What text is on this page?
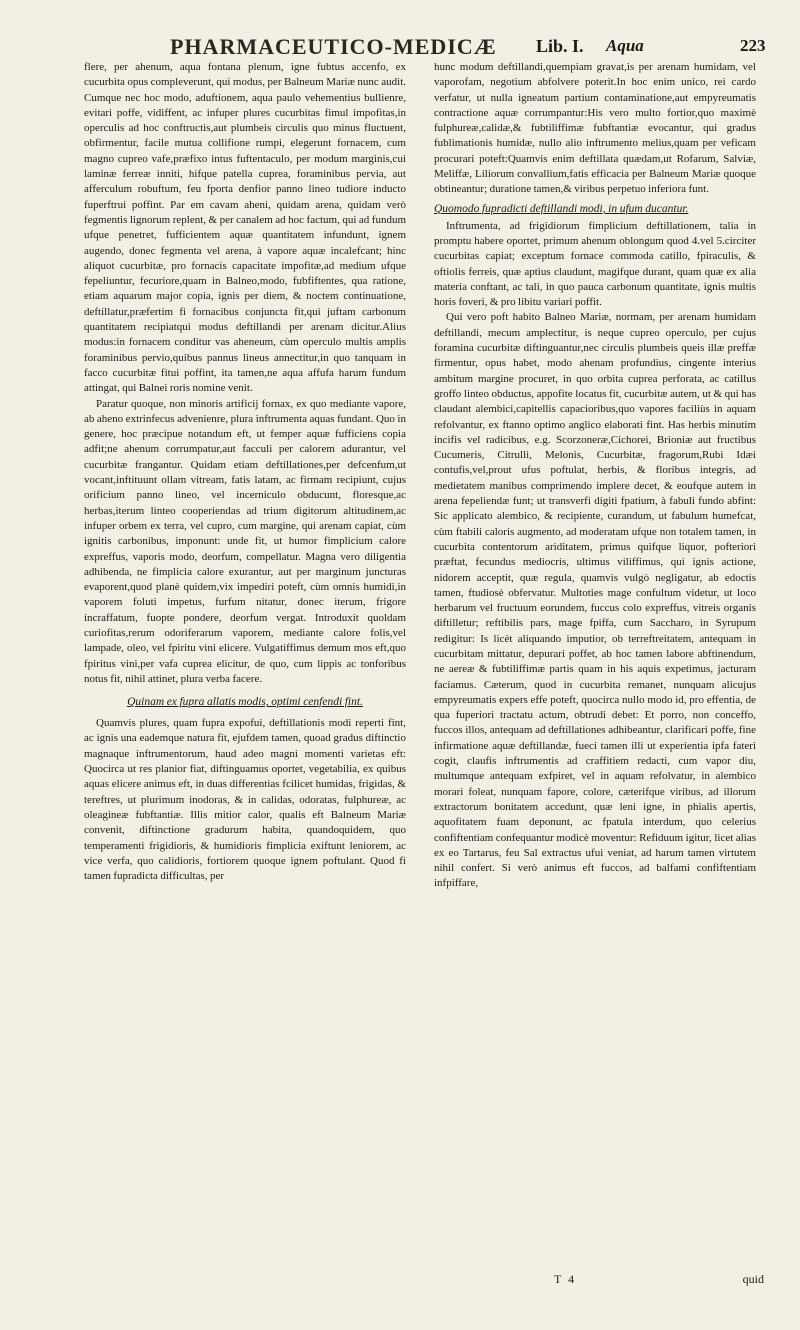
PHARMACEUTICO-MEDICÆ Lib. I. Aqua	223

flere, per ahenum, aqua fontana plenum, igne fubtus accenfo, ex cucurbita opus compleverunt, qui modus, per Balneum Mariæ nunc audit. Cumque nec hoc modo, aduftionem, aqua paulo vehementius bullienre, evitari poffe, vidiffent, ac infuper plures cucurbitas fimul impofitas,in operculis ad hoc conftructis,aut plumbeis circulis quo minus fluctuent, obfirmentur, facile mutua collifione rumpi, elegerunt fornacem, cum magno cupreo vafe,præfixo intus fuftentaculo, per modum marginis,cui laminæ ferreæ inniti, hifque patella cuprea, foraminibus pervia, aut afferculum robuftum, feu fporta denfior panno lineo tudiore inducto fuperftrui poffint. Par em cavam aheni, quidam arena, quidam verò fegmentis lignorum replent, & per canalem ad hoc factum, qui ad fundum ufque penetret, fufficientem aquæ quantitatem infundunt, ignem augendo, donec fegmenta vel arena, à vapore aquæ incalefcant; hinc aliquot cucurbitæ, pro fornacis capacitate impofitæ,ad medium ufque fepeliuntur, fecuriore,quam in Balneo,modo, fubfiftentes, qua ratione, etiam aquarum major copia, ignis per diem, & noctem continuatione, deftillatur,præfertim fi fornacibus conjuncta fit,qui juftam carbonum quantitatem recipiatqui modus deftillandi per arenam dicitur.Alius modus:in fornacem conditur vas aheneum, cùm operculo multis amplis foraminibus pervio,quibus pannus lineus annectitur,in quo tanquam in facco cucurbitæ fitui poffint, ita tamen,ne aqua affufa harum fundum attingat, qui Balnei roris nomine venit.

Paratur quoque, non minoris artificij fornax, ex quo mediante vapore, ab aheno extrinfecus advenienre, plura inftrumenta aquas fundant. Quo in genere, hoc præcipue notandum eft, ut femper aquæ fufficiens copia adfit;ne ahenum corrumpatur,aut facculi per calorem adurantur, vel cucurbitæ frangantur. Quidam etiam deftillationes,per defcenfum,ut vocant,inftituunt ollam vitream, fatis latam, ac firmam recipiunt, cujus orificium panno lineo, vel incerniculo obducunt, floresque,ac herbas,iterum linteo cooperiendas ad trium digitorum altitudinem,ac infuper orbem ex terra, vel cupro, cum margine, qui arenam capiat, cùm ignitis carbonibus, imponunt: unde fit, ut humor fimplicium calore expreffus, vaporis modo, deorfum, compellatur. Magna vero diligentia adhibenda, ne fimplicia calore exurantur, aut per marginum juncturas evaporent,quod planè quidem,vix impediri poteft, cùm omnis humidi,in vaporem foluti impetus, furfum nitatur, donec iterum, frigore incraffatum, fuopte pondere, deorfum vergat. Introduxit quoldam curiofitas,rerum odoriferarum vaporem, mediante calore folis,vel lampade, oleo, vel fpiritu vini elicere. Vulgatiffimus demum mos eft,quo fpiritus vini,per vafa cuprea elicitur, de quo, cum lippis ac tonforibus notus fit, nihil attinet, plura verba facere.

Quinam ex fupra allatis modis, optimi cenfendi fint.

Quamvis plures, quam fupra expofui, deftillationis modi reperti fint, ac ignis una eademque natura fit, ejufdem tamen, quoad gradus diftinctio magnaque inftrumentorum, haud adeo magni momenti varietas eft: Quocirca ut res planior fiat, diftinguamus oportet, vegetabilia, ex quibus aquas elicere animus eft, in duas differentias fcilicet humidas, frigidas, & tereftres, ut plurimum inodoras, & in calidas, odoratas, fulphureæ, ac oleagineæ fubftantiæ. Illis mitior calor, qualis eft Balneum Mariæ convenit, diftinctione gradurum habita, quandoquidem, quo temperamenti frigidioris, & humidioris fimplicia exiftunt leniorem, ac vice verfa, quo calidioris, fortiorem quoque ignem poftulant. Quod fi tamen fupradicta difficultas, per

hunc modum deftillandi,quempiam gravat,is per arenam humidam, vel vaporofam, negotium abfolvere poterit.In hoc enim unico, rei cardo verfatur, ut nulla igneatum partium contaminatione,aut empyreumatis contractione aquæ corrumpantur:His vero multo fortior,quo maximè fulphureæ,calidæ,& fubtiliffimæ fubftantiæ evocantur, qui gradus fublimationis humidæ, nullo alio inftrumento melius,quam per veficam procurari poteft:Quamvis enim deftillata quædam,ut Rofarum, Salviæ, Meliffæ, Liliorum convallium,fatis efficacia per Balneum Mariæ quoque obtineantur; duratione tamen,& viribus perpetuo inferiora funt.

Quomodo fupradicti deftillandi modi, in ufum ducantur.

Inftrumenta, ad frigidiorum fimplicium deftillationem, talia in promptu habere oportet, primum ahenum oblongum quod 4.vel 5.circiter cucurbitas capiat; exceptum fornace commoda catillo, fpiraculis, & oftiolis ferreis, quæ aptius claudunt, magifque durant, quam quæ ex alia materia conftant, ac tali, in quo pauca carbonum quantitate, ignis multis horis foveri, & pro libitu variari poffit.

Qui vero poft habito Balneo Mariæ, normam, per arenam humidam deftillandi, mecum amplectitur, is neque cupreo operculo, per cujus foramina cucurbitæ diftinguantur,nec circulis plumbeis queis illæ preffæ firmentur, opus habet, modo ahenam profundius, cingente interius ambitum margine procuret, in quo orbita cuprea perforata, ac catillus groffo linteo obductus, appofite locatus fit, cucurbitæ autem, ut & qui has claudant alembici,capitellis capacioribus,quo vapores faciliùs in aquam refolvantur, ex ftanno optimo anglico elaborati fint. Has herbis minutim incifis vel radicibus, e.g. Scorzoneræ,Cichorei, Brioniæ aut fructibus Cucumeris, Citrulli, Melonis, Cucurbitæ, fragorum,Rubi Idæi contufis,vel,prout ufus poftulat, herbis, & floribus integris, ad medietatem manibus comprimendo implere decet, & eoufque autem in arena fepeliendæ funt; ut transverfi digiti fpatium, à fabuli fundo abfint: Sic applicato alembico, & recipiente, curandum, ut fabulum humefcat, cùm ftabili caloris augmento, ad moderatam ufque non totalem tamen, in cucurbita contentorum ariditatem, primus quifque liquor, pofteriori præftat, fecundus mediocris, ultimus viliffimus, qui ignis actione, nidorem acceptit, quæ regula, quamvis vulgò negligatur, ab edoctis tamen, ftudiosè obfervatur. Multoties mage confultum videtur, ut loco herbarum vel fructuum eorundem, fuccus colo expreffus, vitreis organis diftilletur; reftibilis pars, mage fpiffa, cum Saccharo, in Syrupum redigitur: Is licèt aliquando imputior, ob terreftreitatem, antequam in cucurbitam mittatur, depurari poffet, ab hoc tamen labore abftinendum, ne aereæ & fubtiliffimæ partis quam in his aquis expetimus, jacturam faciamus. Cæterum, quod in cucurbita remanet, nunquam alicujus empyreumatis expers effe poteft, quocirca nullo modo id, pro effentia, de qua fuperiori tractatu actum, obtrudi debet: Et porro, non conceffo, fuccos illos, antequam ad deftillationes adhibeantur, clarificari poffe, fine infirmatione aquæ deftillandæ, fueci tamen illi ut experientia ipfa fateri cogit, claufis inftrumentis ad craffitiem redacti, cum vapor diu, multumque antequam exfpiret, vel in aquam refolvatur, in alembico morari foleat, nunquam fapore, colore, cæterifque viribus, ad illorum extractorum bonitatem accedunt, quæ leni igne, in phialis apertis, aquofitatem fuam deponunt, ac fpatula interdum, quo celerius confiftentiam confequantur modicè moventur: Refiduum igitur, licet alias ex eo Tartarus, feu Sal extractus ufui veniat, ad harum tamen virtutem nihil confert. Si verò animus eft fuccos, ad balfami confiftentiam infpiffare,

T 4	quid
